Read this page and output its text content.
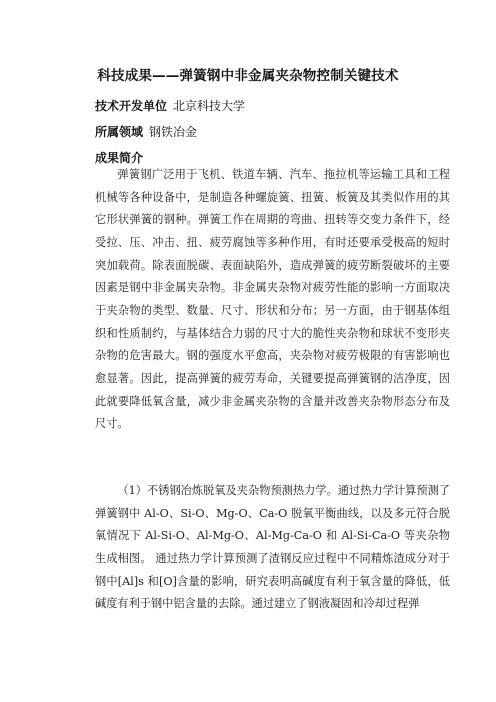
科技成果——弹簧钢中非金属夹杂物控制关键技术
技术开发单位 北京科技大学
所属领域 钢铁冶金
成果简介

弹簧钢广泛用于飞机、铁道车辆、汽车、拖拉机等运输工具和工程机械等各种设备中，是制造各种螺旋簧、扭簧、板簧及其类似作用的其它形状弹簧的钢种。弹簧工作在周期的弯曲、扭转等交变力条件下，经受拉、压、冲击、扭、疲劳腐蚀等多种作用，有时还要承受极高的短时突加载荷。除表面脱碳、表面缺陷外，造成弹簧的疲劳断裂破坏的主要因素是钢中非金属夹杂物。非金属夹杂物对疲劳性能的影响一方面取决于夹杂物的类型、数量、尺寸、形状和分布；另一方面，由于钢基体组织和性质制约，与基体结合力弱的尺寸大的脆性夹杂物和球状不变形夹杂物的危害最大。钢的强度水平愈高，夹杂物对疲劳极限的有害影响也愈显著。因此，提高弹簧的疲劳寿命，关键要提高弹簧钢的洁净度，因此就要降低氧含量，减少非金属夹杂物的含量并改善夹杂物形态分布及尺寸。

（1）不锈钢冶炼脱氧及夹杂物预测热力学。通过热力学计算预测了弹簧钢中 Al-O、Si-O、Mg-O、Ca-O 脱氧平衡曲线，以及多元符合脱氧情况下 Al-Si-O、Al-Mg-O、Al-Mg-Ca-O 和 Al-Si-Ca-O 等夹杂物生成相图。 通过热力学计算预测了渣钢反应过程中不同精炼渣成分对于钢中[Al]s 和[O]含量的影响，研究表明高碱度有利于氧含量的降低，低碱度有利于钢中铝含量的去除。通过建立了钢液凝固和冷却过程弹
